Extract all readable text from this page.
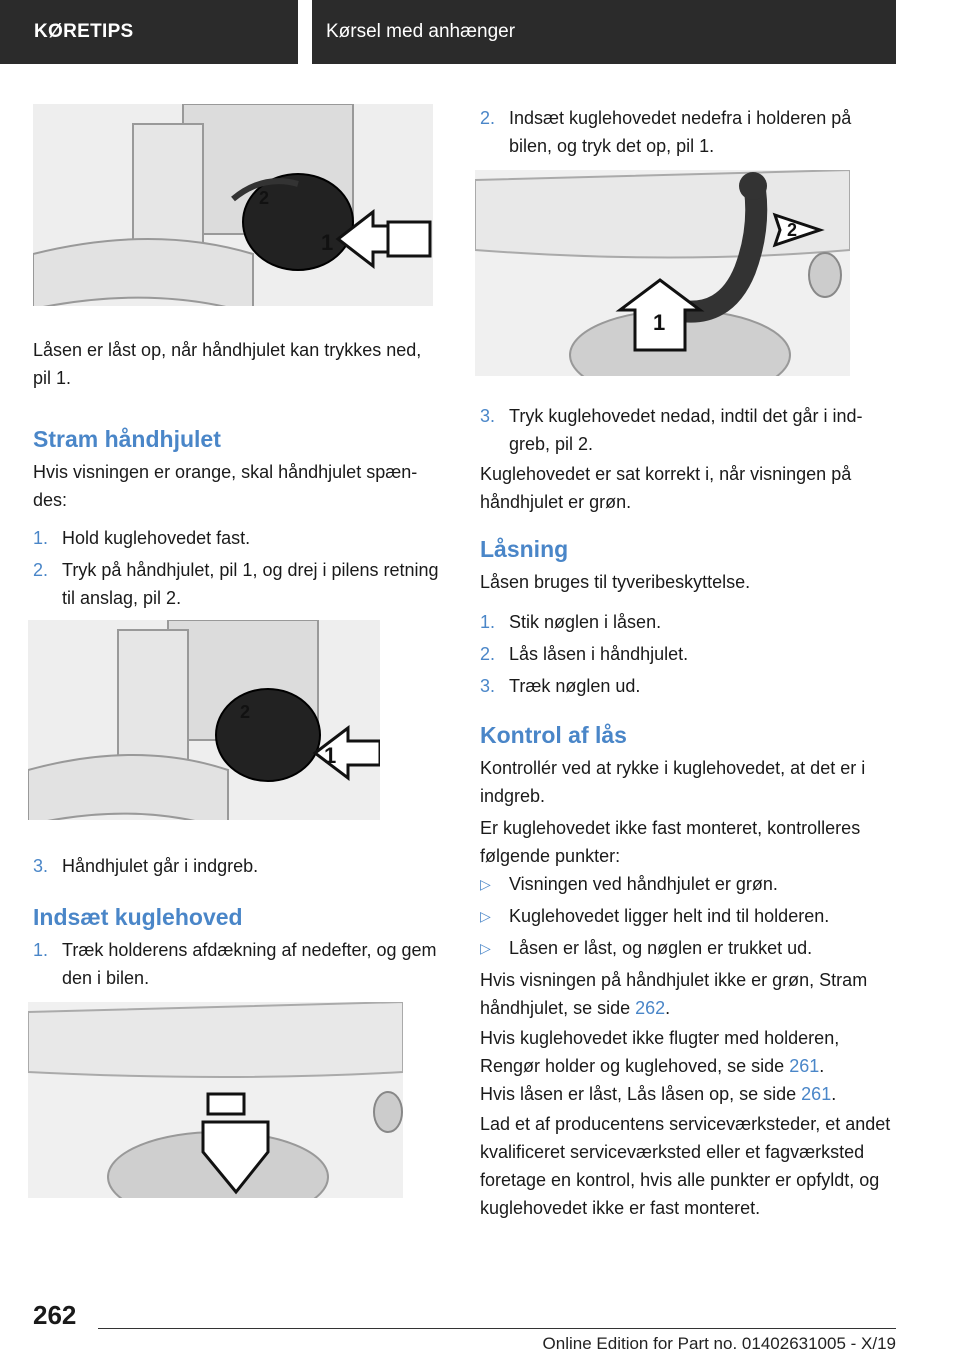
KØRETIPS	Kørsel med anhænger
1
2
Låsen er låst op, når håndhjulet kan trykkes ned, pil 1.
Stram håndhjulet
Hvis visningen er orange, skal håndhjulet spændes:
1. Hold kuglehovedet fast.
2. Tryk på håndhjulet, pil 1, og drej i pilens retning til anslag, pil 2.
1
2
3. Håndhjulet går i indgreb.
Indsæt kuglehoved
1. Træk holderens afdækning af nedefter, og gem den i bilen.
2. Indsæt kuglehovedet nedefra i holderen på bilen, og tryk det op, pil 1.
1
2
3. Tryk kuglehovedet nedad, indtil det går i indgreb, pil 2.
Kuglehovedet er sat korrekt i, når visningen på håndhjulet er grøn.
Låsning
Låsen bruges til tyveribeskyttelse.
1. Stik nøglen i låsen.
2. Lås låsen i håndhjulet.
3. Træk nøglen ud.
Kontrol af lås
Kontrollér ved at rykke i kuglehovedet, at det er i indgreb.
Er kuglehovedet ikke fast monteret, kontrolleres følgende punkter:
▷	Visningen ved håndhjulet er grøn.
▷	Kuglehovedet ligger helt ind til holderen.
▷	Låsen er låst, og nøglen er trukket ud.
Hvis visningen på håndhjulet ikke er grøn, Stram håndhjulet, se side 262.
Hvis kuglehovedet ikke flugter med holderen, Rengør holder og kuglehoved, se side 261.
Hvis låsen er låst, Lås låsen op, se side 261.
Lad et af producentens serviceværksteder, et andet kvalificeret serviceværksted eller et fagværksted foretage en kontrol, hvis alle punkter er opfyldt, og kuglehovedet ikke er fast monteret.
262
Online Edition for Part no. 01402631005 - X/19
